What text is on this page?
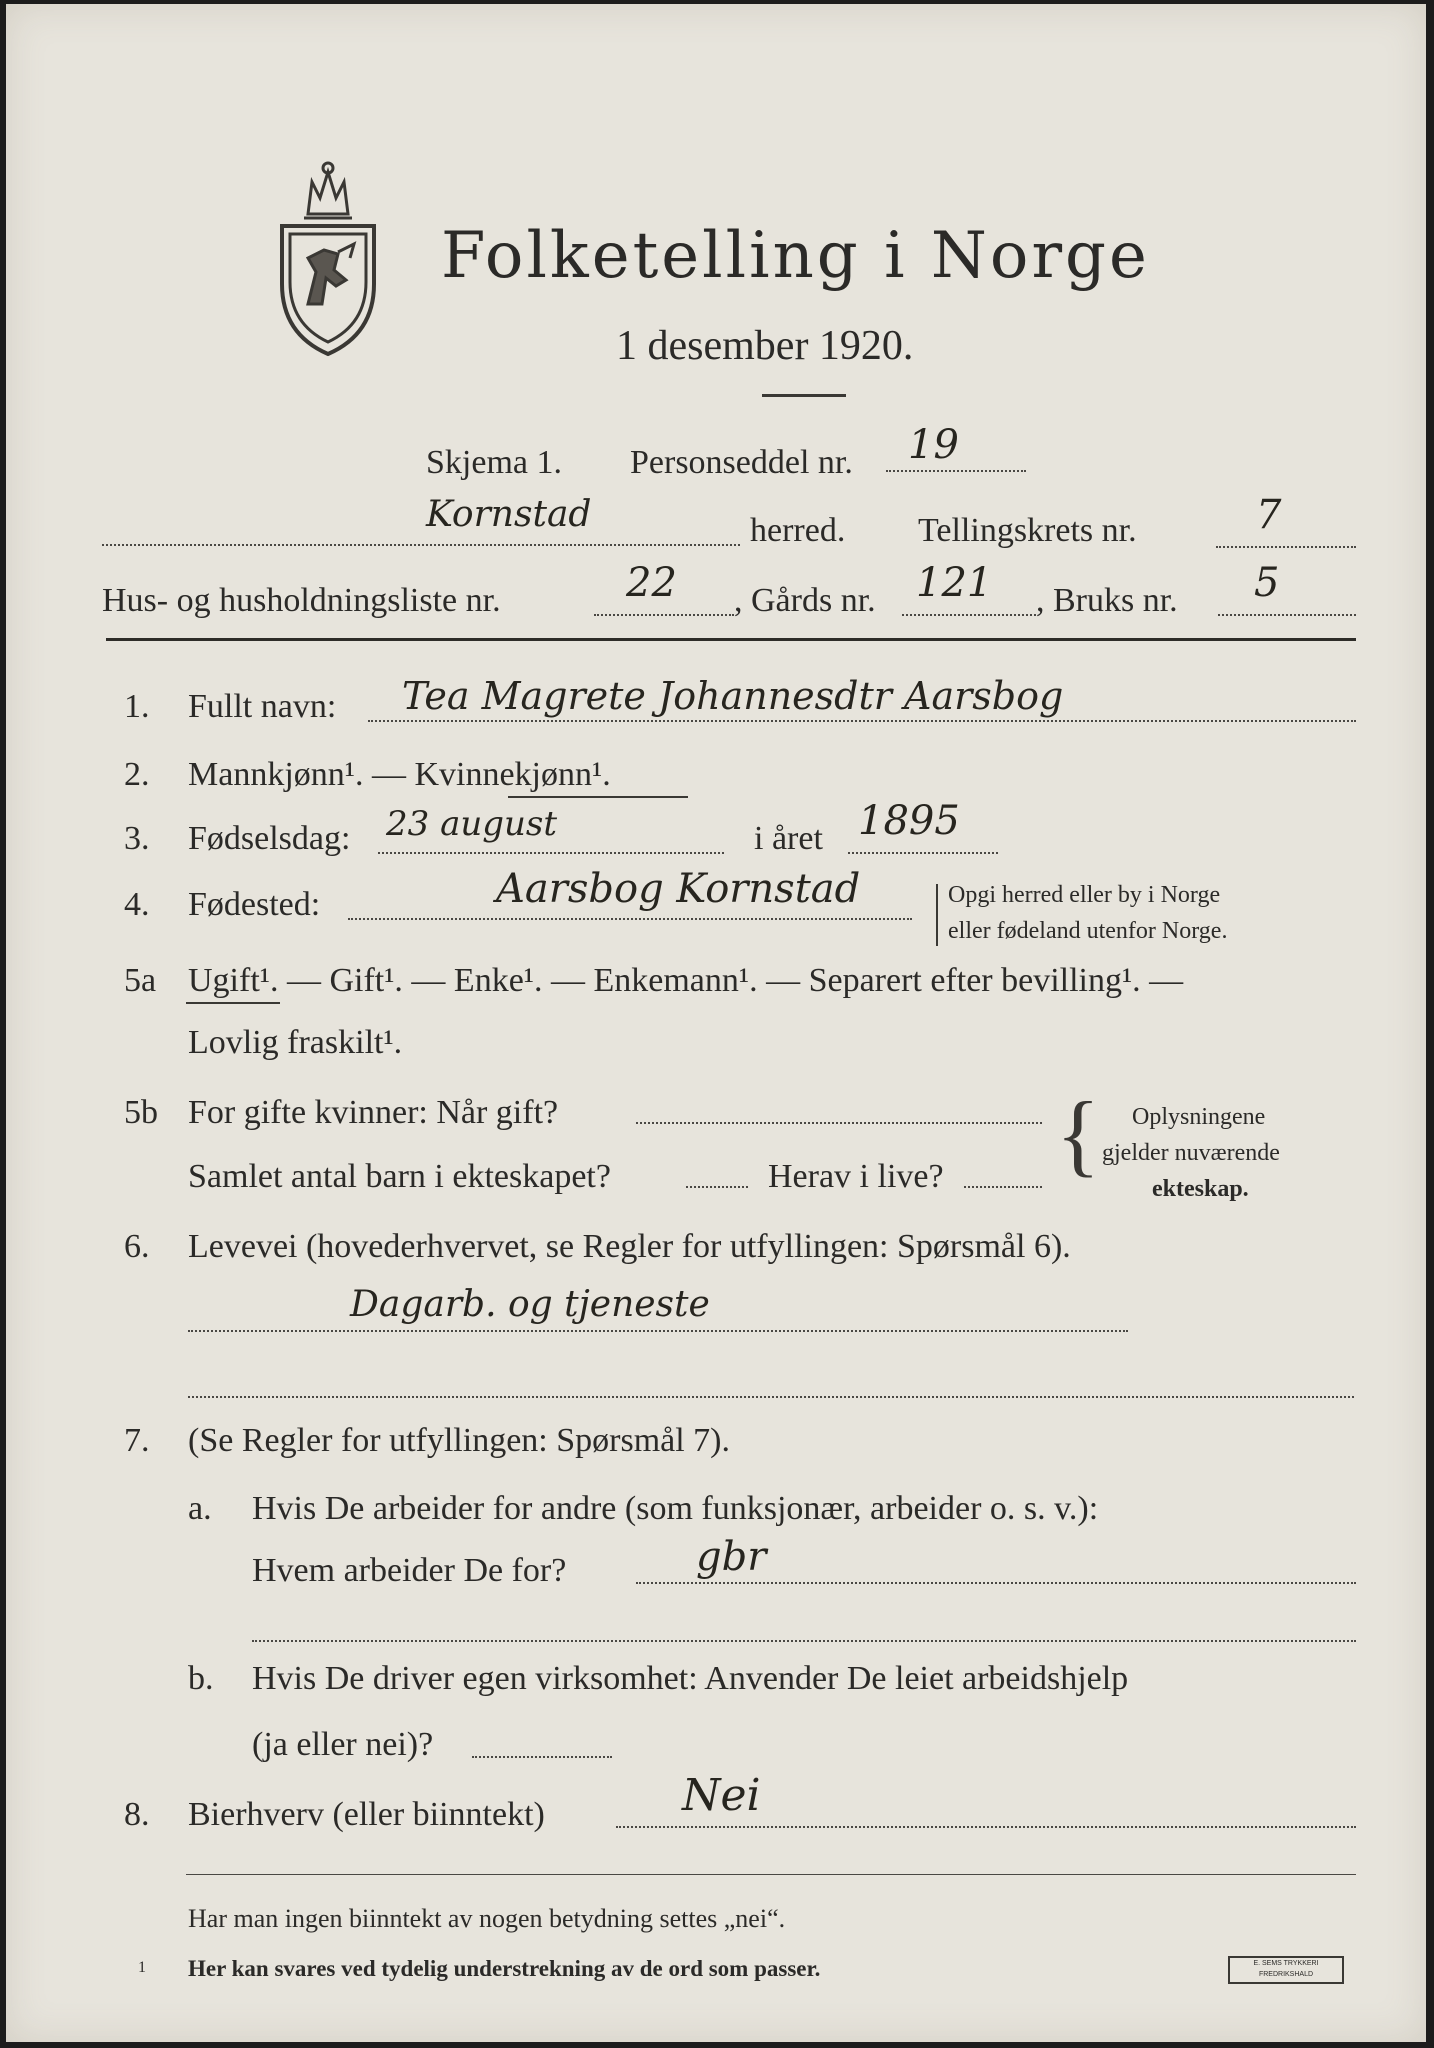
Folketelling i Norge
1 desember 1920.
Skjema 1. Personseddel nr. 19
Kornstad	herred. Tellingskrets nr.	7
Hus- og husholdningsliste nr.	22 , Gårds nr. 121 , Bruks nr. 5
1. Fullt navn: Tea Magrete Johannesdtr Aarsbog
2. Mannkjønn¹. — Kvinnekjønn¹.
3. Fødselsdag: 23 august	i året 1895
4. Fødested:	Aarsbog Kornstad	Opgi herred eller by i Norge
eller fødeland utenfor Norge.
5a Ugift¹. — Gift¹. — Enke¹. — Enkemann¹. — Separert efter bevilling¹. —
Lovlig fraskilt¹.
5b For gifte kvinner: Når gift?
Samlet antal barn i ekteskapet?	Herav i live? { Oplysningene
gjelder nuværende
ekteskap.
6. Levevei (hovederhvervet, se Regler for utfyllingen: Spørsmål 6).
Dagarb. og tjeneste
7. (Se Regler for utfyllingen: Spørsmål 7).
a. Hvis De arbeider for andre (som funksjonær, arbeider o. s. v.):
Hvem arbeider De for?	gbr
b. Hvis De driver egen virksomhet: Anvender De leiet arbeidshjelp
(ja eller nei)?
8. Bierhverv (eller biinntekt)	Nei
Har man ingen biinntekt av nogen betydning settes „nei“.
1 Her kan svares ved tydelig understrekning av de ord som passer.	E. SEMS TRYKKERI FREDRIKSHALD
